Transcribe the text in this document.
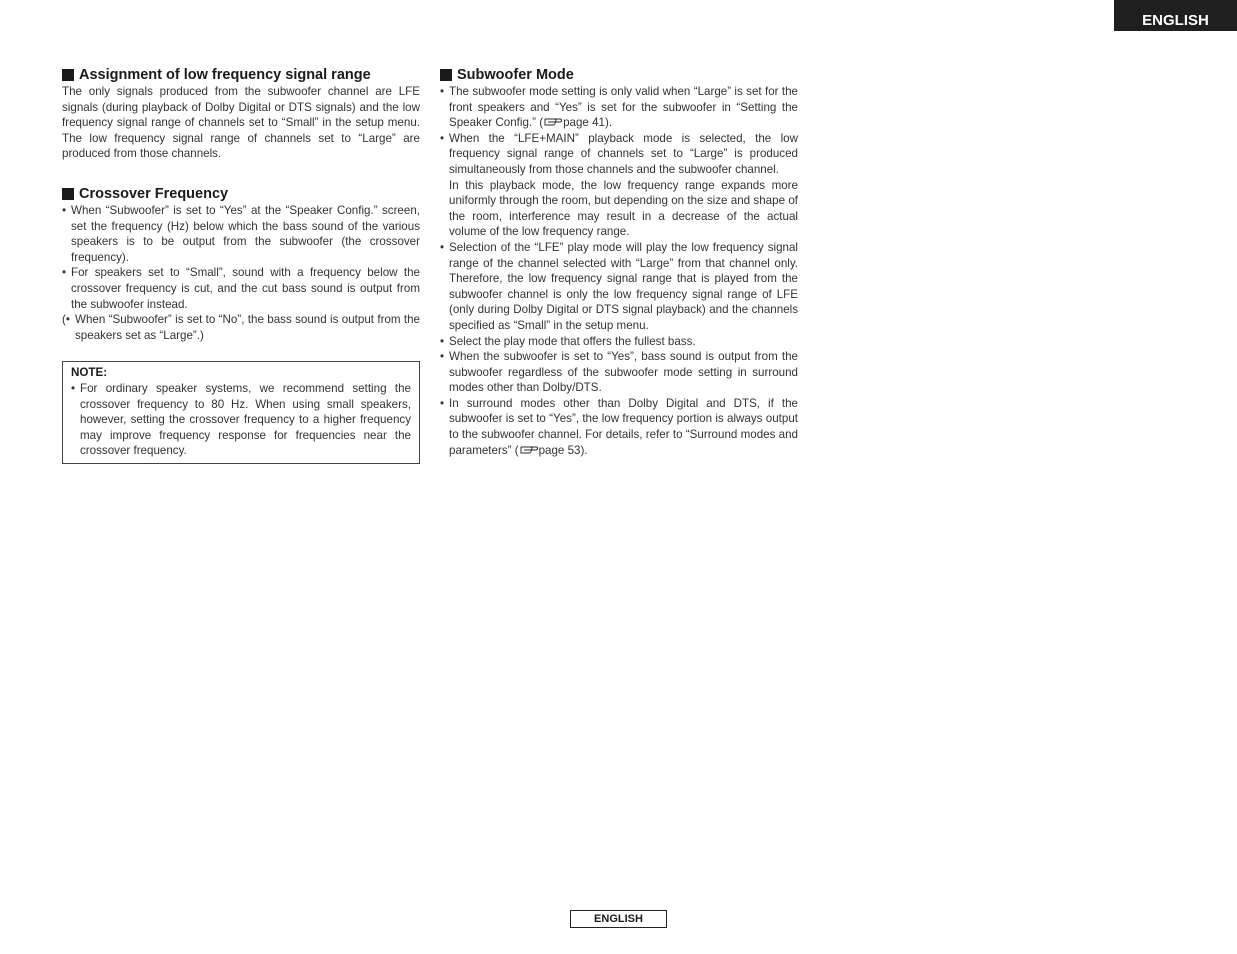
ENGLISH
Assignment of low frequency signal range

The only signals produced from the subwoofer channel are LFE signals (during playback of Dolby Digital or DTS signals) and the low frequency signal range of channels set to “Small” in the setup menu. The low frequency signal range of channels set to “Large” are produced from those channels.

Crossover Frequency
• When “Subwoofer” is set to “Yes” at the “Speaker Config.” screen, set the frequency (Hz) below which the bass sound of the various speakers is to be output from the subwoofer (the crossover frequency).
• For speakers set to “Small”, sound with a frequency below the crossover frequency is cut, and the cut bass sound is output from the subwoofer instead.
(• When “Subwoofer” is set to “No”, the bass sound is output from the speakers set as “Large”.)
NOTE:
• For ordinary speaker systems, we recommend setting the crossover frequency to 80 Hz. When using small speakers, however, setting the crossover frequency to a higher frequency may improve frequency response for frequencies near the crossover frequency.
Subwoofer Mode
• The subwoofer mode setting is only valid when “Large” is set for the front speakers and “Yes” is set for the subwoofer in “Setting the Speaker Config.” ( page 41).
• When the “LFE+MAIN” playback mode is selected, the low frequency signal range of channels set to “Large” is produced simultaneously from those channels and the subwoofer channel.
In this playback mode, the low frequency range expands more uniformly through the room, but depending on the size and shape of the room, interference may result in a decrease of the actual volume of the low frequency range.
• Selection of the “LFE” play mode will play the low frequency signal range of the channel selected with “Large” from that channel only. Therefore, the low frequency signal range that is played from the subwoofer channel is only the low frequency signal range of LFE (only during Dolby Digital or DTS signal playback) and the channels specified as “Small” in the setup menu.
• Select the play mode that offers the fullest bass.
• When the subwoofer is set to “Yes”, bass sound is output from the subwoofer regardless of the subwoofer mode setting in surround modes other than Dolby/DTS.
• In surround modes other than Dolby Digital and DTS, if the subwoofer is set to “Yes”, the low frequency portion is always output to the subwoofer channel. For details, refer to “Surround modes and parameters” ( page 53).
ENGLISH
